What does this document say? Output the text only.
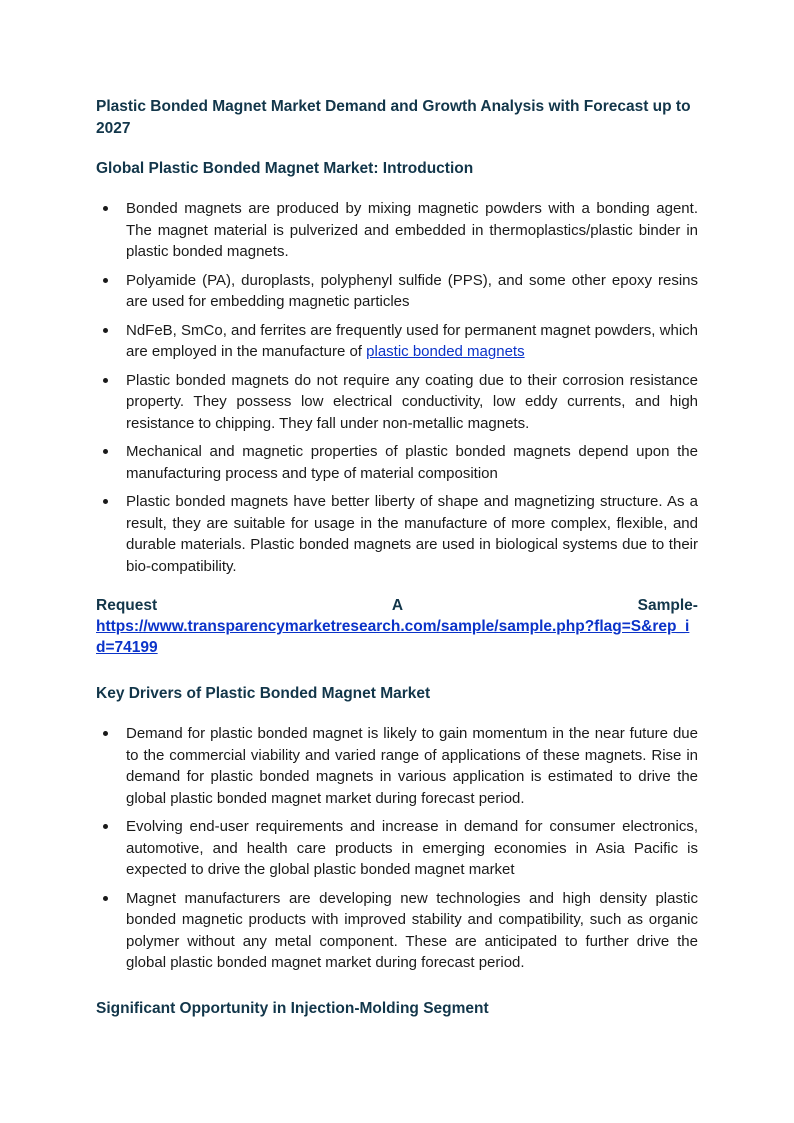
Plastic Bonded Magnet Market Demand and Growth Analysis with Forecast up to 2027
Global Plastic Bonded Magnet Market: Introduction
Bonded magnets are produced by mixing magnetic powders with a bonding agent. The magnet material is pulverized and embedded in thermoplastics/plastic binder in plastic bonded magnets.
Polyamide (PA), duroplasts, polyphenyl sulfide (PPS), and some other epoxy resins are used for embedding magnetic particles
NdFeB, SmCo, and ferrites are frequently used for permanent magnet powders, which are employed in the manufacture of plastic bonded magnets
Plastic bonded magnets do not require any coating due to their corrosion resistance property. They possess low electrical conductivity, low eddy currents, and high resistance to chipping. They fall under non-metallic magnets.
Mechanical and magnetic properties of plastic bonded magnets depend upon the manufacturing process and type of material composition
Plastic bonded magnets have better liberty of shape and magnetizing structure. As a result, they are suitable for usage in the manufacture of more complex, flexible, and durable materials. Plastic bonded magnets are used in biological systems due to their bio-compatibility.
Request	A	Sample-
https://www.transparencymarketresearch.com/sample/sample.php?flag=S&rep_id=74199
Key Drivers of Plastic Bonded Magnet Market
Demand for plastic bonded magnet is likely to gain momentum in the near future due to the commercial viability and varied range of applications of these magnets. Rise in demand for plastic bonded magnets in various application is estimated to drive the global plastic bonded magnet market during forecast period.
Evolving end-user requirements and increase in demand for consumer electronics, automotive, and health care products in emerging economies in Asia Pacific is expected to drive the global plastic bonded magnet market
Magnet manufacturers are developing new technologies and high density plastic bonded magnetic products with improved stability and compatibility, such as organic polymer without any metal component. These are anticipated to further drive the global plastic bonded magnet market during forecast period.
Significant Opportunity in Injection-Molding Segment
